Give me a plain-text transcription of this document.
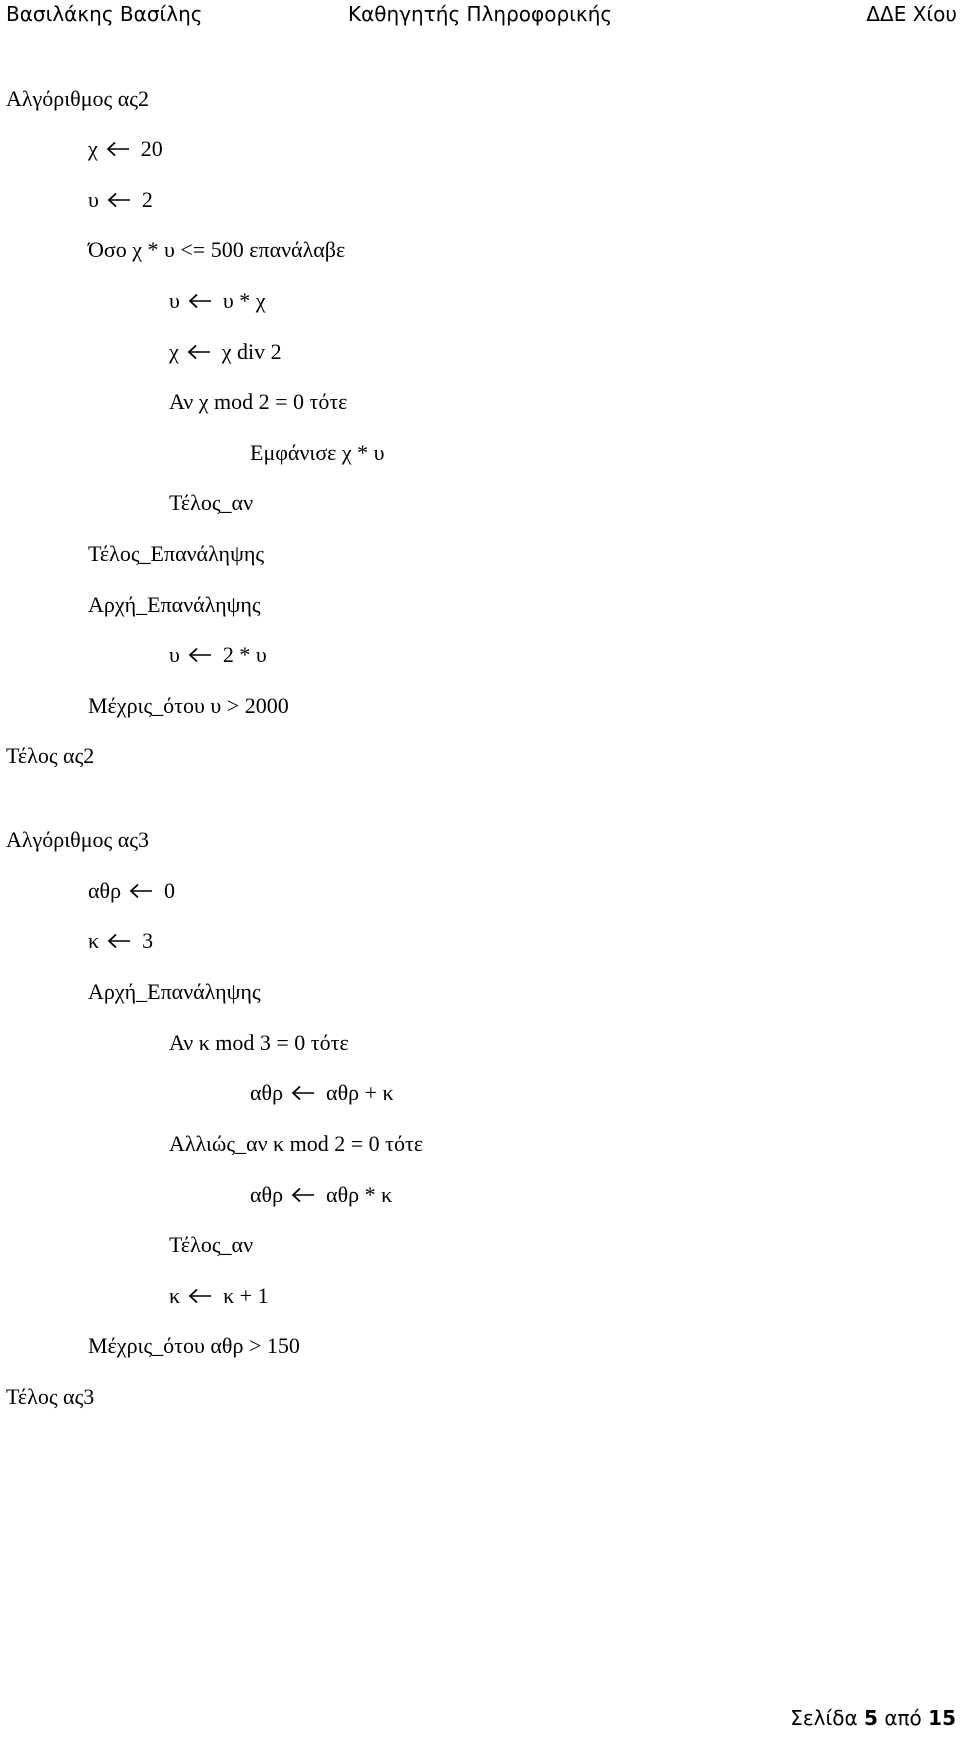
Βασιλάκης Βασίλης	Καθηγητής Πληροφορικής	ΔΔΕ Χίου
Αλγόριθμος ας2
χ 20
υ 2
Όσο χ * υ <= 500 επανάλαβε
υ υ * χ
χ χ div 2
Αν χ mod 2 = 0 τότε
Εμφάνισε χ * υ
Τέλος_αν
Τέλος_Επανάληψης
Αρχή_Επανάληψης
υ 2 * υ
Μέχρις_ότου υ > 2000
Τέλος ας2
Αλγόριθμος ας3
αθρ 0
κ 3
Αρχή_Επανάληψης
Αν κ mod 3 = 0 τότε
αθρ αθρ + κ
Αλλιώς_αν κ mod 2 = 0 τότε
αθρ αθρ * κ
Τέλος_αν
κ κ + 1
Μέχρις_ότου αθρ > 150
Τέλος ας3
Σελίδα 5 από 15
